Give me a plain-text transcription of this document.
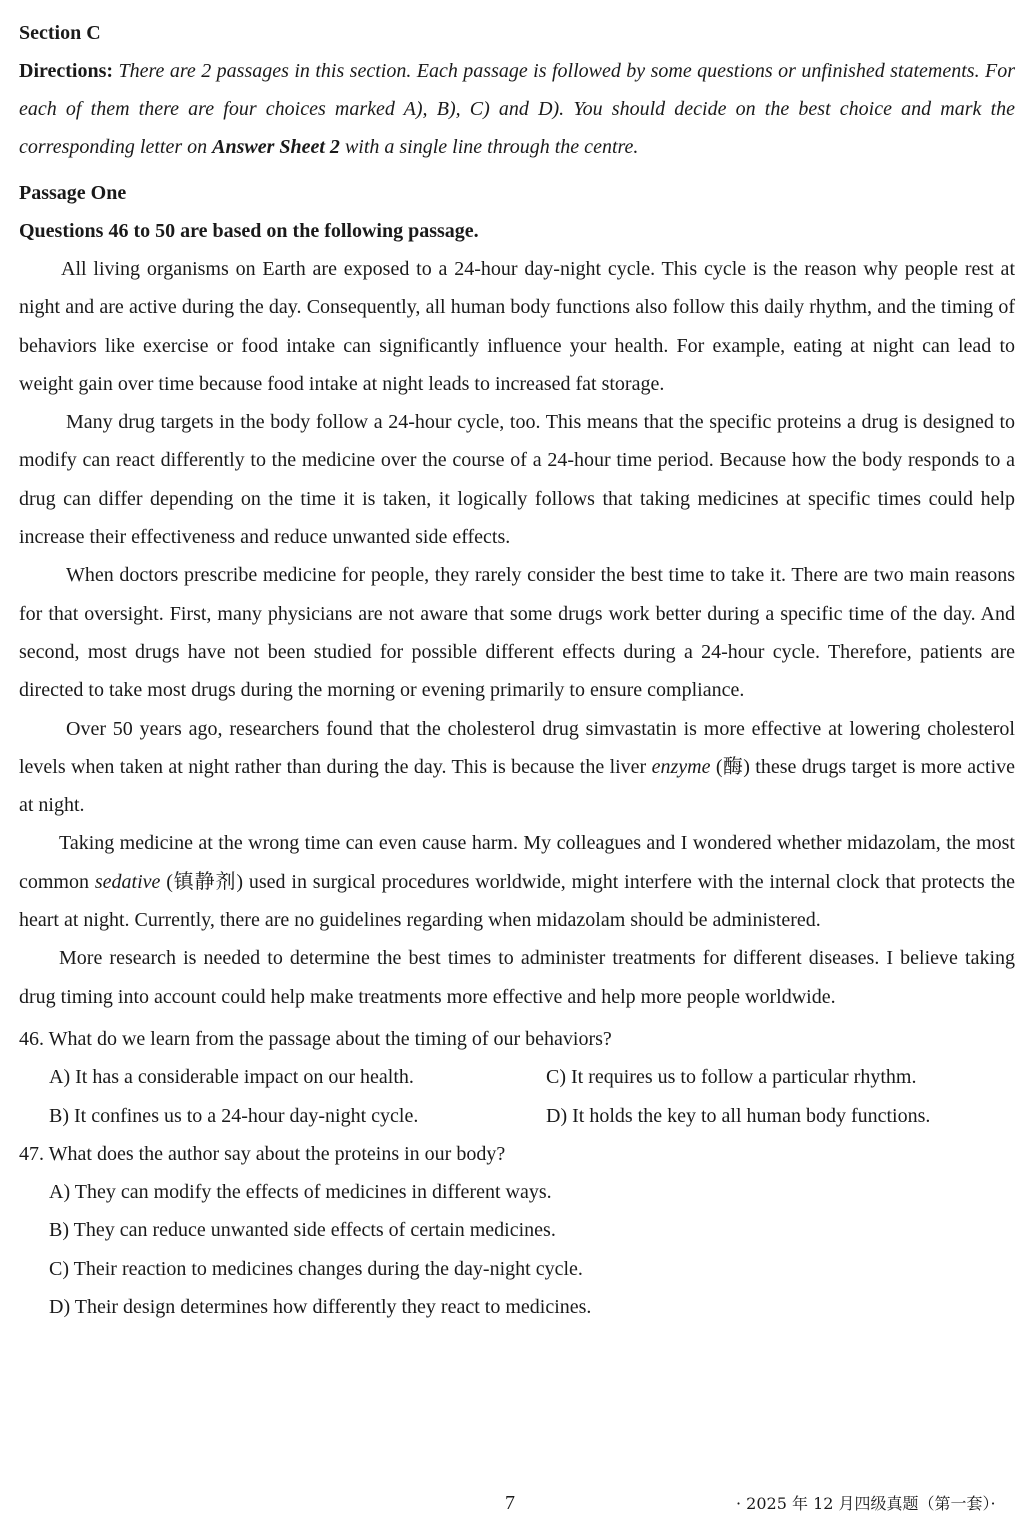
Section C
Directions: There are 2 passages in this section. Each passage is followed by some questions or unfinished statements. For each of them there are four choices marked A), B), C) and D). You should decide on the best choice and mark the corresponding letter on Answer Sheet 2 with a single line through the centre.
Passage One
Questions 46 to 50 are based on the following passage.

All living organisms on Earth are exposed to a 24-hour day-night cycle. This cycle is the reason why people rest at night and are active during the day. Consequently, all human body functions also follow this daily rhythm, and the timing of behaviors like exercise or food intake can significantly influence your health. For example, eating at night can lead to weight gain over time because food intake at night leads to increased fat storage.

Many drug targets in the body follow a 24-hour cycle, too. This means that the specific proteins a drug is designed to modify can react differently to the medicine over the course of a 24-hour time period. Because how the body responds to a drug can differ depending on the time it is taken, it logically follows that taking medicines at specific times could help increase their effectiveness and reduce unwanted side effects.

When doctors prescribe medicine for people, they rarely consider the best time to take it. There are two main reasons for that oversight. First, many physicians are not aware that some drugs work better during a specific time of the day. And second, most drugs have not been studied for possible different effects during a 24-hour cycle. Therefore, patients are directed to take most drugs during the morning or evening primarily to ensure compliance.

Over 50 years ago, researchers found that the cholesterol drug simvastatin is more effective at lowering cholesterol levels when taken at night rather than during the day. This is because the liver enzyme (酶) these drugs target is more active at night.

Taking medicine at the wrong time can even cause harm. My colleagues and I wondered whether midazolam, the most common sedative (镇静剂) used in surgical procedures worldwide, might interfere with the internal clock that protects the heart at night. Currently, there are no guidelines regarding when midazolam should be administered.

More research is needed to determine the best times to administer treatments for different diseases. I believe taking drug timing into account could help make treatments more effective and help more people worldwide.

46. What do we learn from the passage about the timing of our behaviors?
A) It has a considerable impact on our health.	C) It requires us to follow a particular rhythm.
B) It confines us to a 24-hour day-night cycle.	D) It holds the key to all human body functions.
47. What does the author say about the proteins in our body?
A) They can modify the effects of medicines in different ways.
B) They can reduce unwanted side effects of certain medicines.
C) Their reaction to medicines changes during the day-night cycle.
D) Their design determines how differently they react to medicines.
7	· 2025 年 12 月四级真题（第一套）·
